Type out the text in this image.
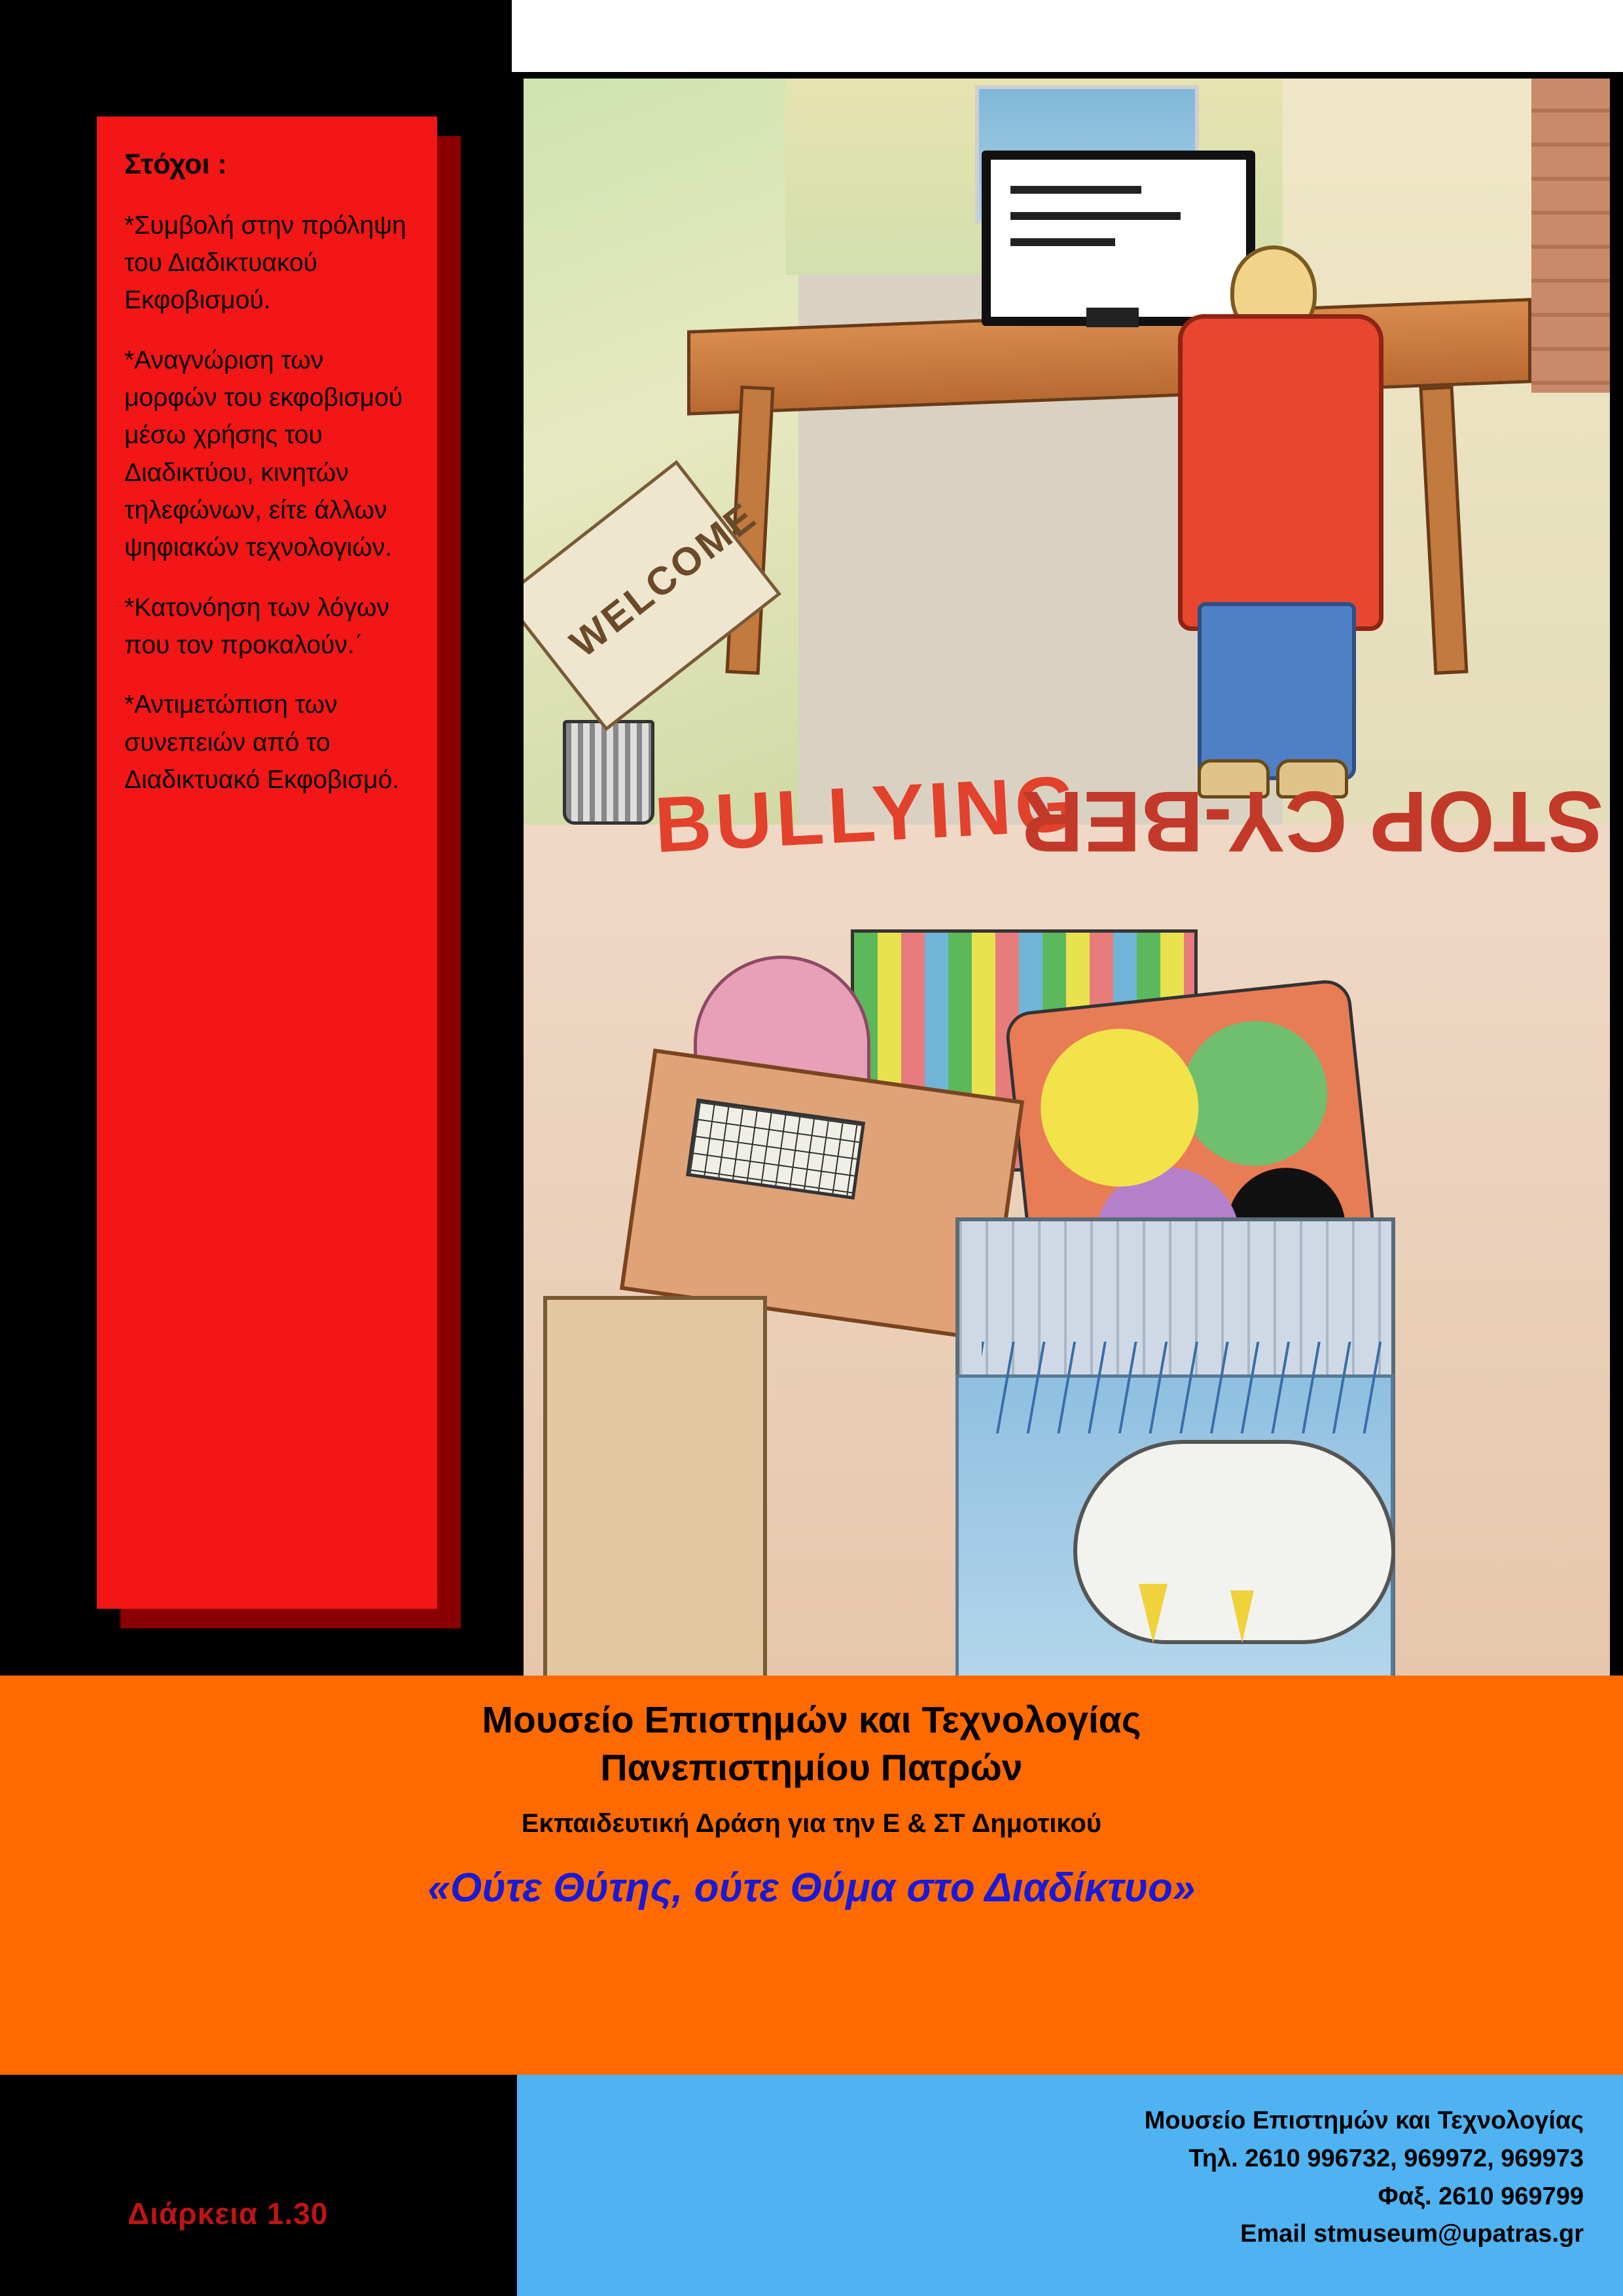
Στόχοι :

*Συμβολή στην πρόληψη του Διαδικτυακού Εκφοβισμού.

*Αναγνώριση των μορφών του εκφοβισμού μέσω χρήσης του Διαδικτύου, κινητών τηλεφώνων, είτε άλλων ψηφιακών τεχνολογιών.

*Κατονόηση των λόγων που τον προκαλούν.΄

*Αντιμετώπιση των συνεπειών από το Διαδικτυακό Εκφοβισμό.

WELCOME
BULLYING
STOP CY-BER

Μουσείο Επιστημών και Τεχνολογίας

Πανεπιστημίου Πατρών

Εκπαιδευτική Δράση για την Ε & ΣΤ Δημοτικού

«Ούτε Θύτης, ούτε Θύμα στο Διαδίκτυο»

Διάρκεια 1.30

Μουσείο Επιστημών και Τεχνολογίας

Τηλ. 2610 996732, 969972, 969973

Φαξ. 2610 969799

Email stmuseum@upatras.gr
